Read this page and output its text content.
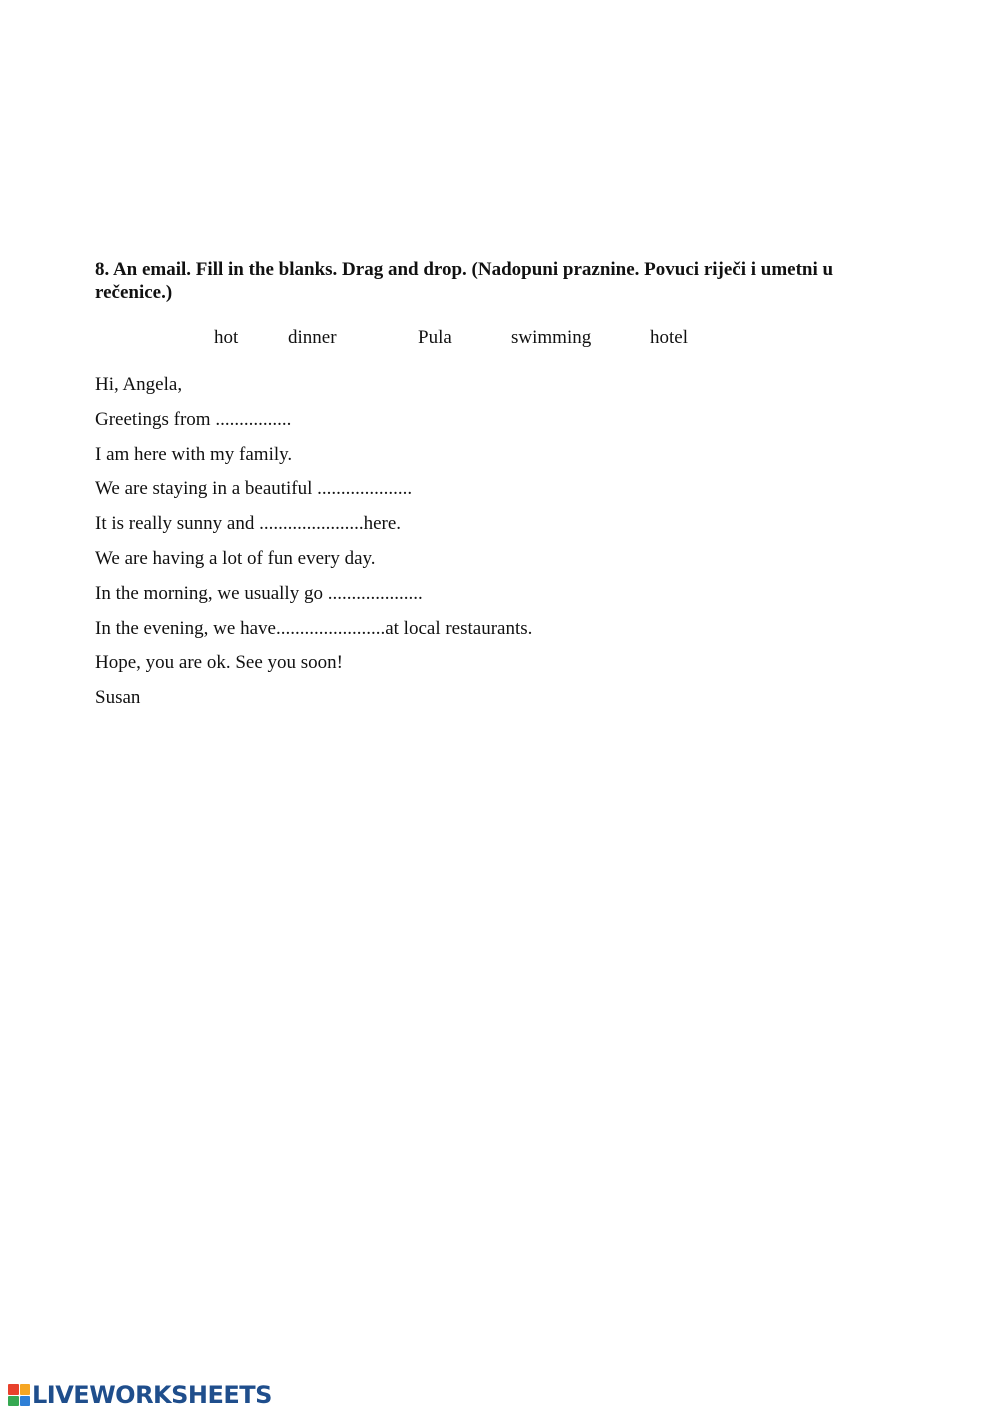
8. An email. Fill in the blanks. Drag and drop. (Nadopuni praznine. Povuci riječi i umetni u rečenice.)

hot	dinner	Pula	swimming	hotel
Hi, Angela,
Greetings from ................
I am here with my family.
We are staying in a beautiful ....................
It is really sunny and ......................here.
We are having a lot of fun every day.
In the morning, we usually go ....................
In the evening, we have.......................at local restaurants.
Hope, you are ok. See you soon!
Susan
LIVEWORKSHEETS
